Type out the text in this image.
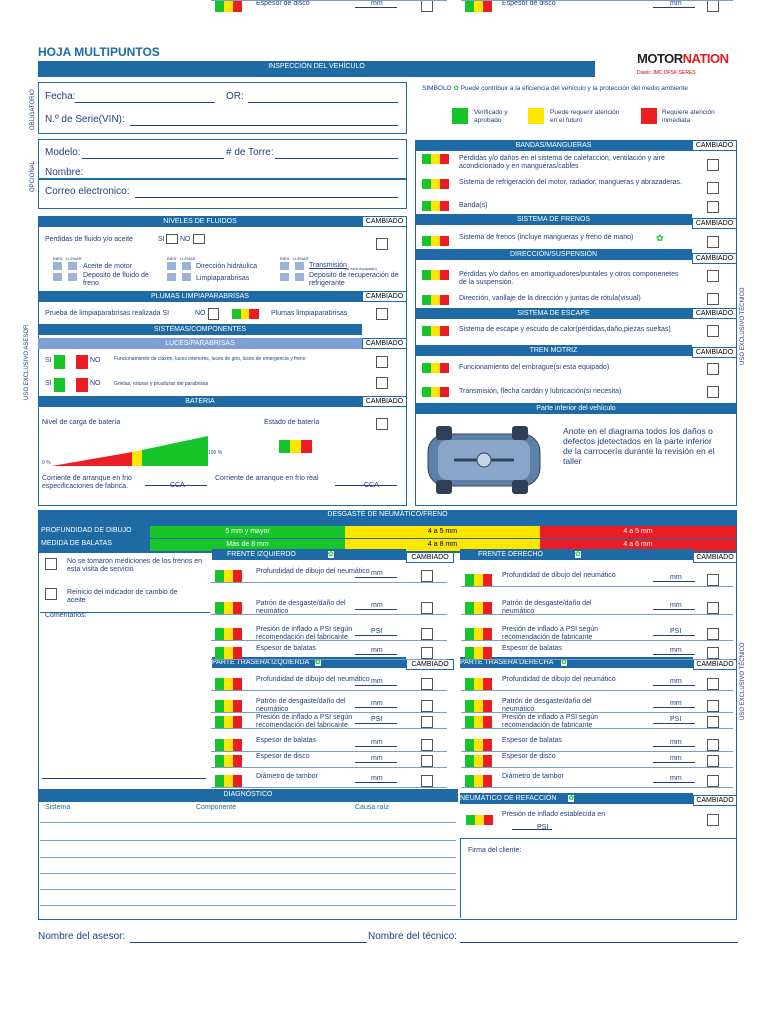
HOJA MULTIPUNTOS	MOTORNATION
Dianic JMC DFSK SERES
INSPECCIÓN DEL VEHÍCULO
OBLIGATORIO Fecha:	OR:
N.º de Serie(VIN):
OPCIONAL
Modelo:	# de Torre:
Nombre:
Correo electronico:
SIMBOLO ✿ Puede contribuir a la eficiencia del vehículo y la protección del medio ambiente
Verificado y aprobado
Puede requerir atención en el futuro
Requiere atención inmediata
NIVELES DE FLUIDOS	CAMBIADO
Perdidas de fluido y/o aceite	SI NO
BIEN LLENAR
Aceite de motor
Deposito de fluido de freno
BIEN LLENAR
Dirección hidráulica
Limpiaparabrisas
BIEN LLENAR
Transmisión
(si está equipado)
Deposito de recuperación de refrigerante
PLUMAS LIMPIAPARABRISAS	CAMBIADO
Prueba de limpiaparabrisas realizada SI	NO	Plumas limpiaparabrisas
SISTEMAS/COMPONENTES
LUCES/PARABRISAS	CAMBIADO
SI	NO	Funcionamiento de claxon, luces interiores, luces de giro, luces de emergencia y freno
SI	NO	Grietas, roturas y picaduras del parabrisas
BATERIA	CAMBIADO
Nivel de carga de batería	Estado de batería
0 %
100 %
Corriente de arranque en frio especificaciones de fabrica.	CCA
Corriente de arranque en frio real
CCA
USO EXCLUSIVO ASESOR
BANDAS/MANGUERAS	CAMBIADO
Pérdidas y/o daños en el sistema de calefacción, ventilación y aire acondicionado y en mangueras/cables
Sistema de refrigeración del motor, radiador, mangueras y abrazaderas.
Banda(s)
SISTEMA DE FRENOS
CAMBIADO
Sistema de frenos (incluye mangueras y freno de mano)	✿
DIRECCIÓN/SUSPENSIÓN
CAMBIADO
Pérdidas y/o daños en amortiguadores/puntales y otros componenetes de la suspensión.
Dirección, varillaje de la dirección y juntas de rótula(visual)
SISTEMA DE ESCAPE	CAMBIADO
Sistema de escape y escudo de calor(pérdidas,daño,piezas sueltas)
TREN MOTRIZ	CAMBIADO
Funcionamiento del embrague(si esta equipado)
Transmisión, flecha cardán y lubricación(si necesita)
Parte inferior del vehículo
Anote en el diagrama todos los daños o defectos jdetectados en la parte inferior de la carrocería durante la revisión en el taller
USO EXCLUSIVO TÉCNICO
DESGASTE DE NEUMÁTICO/FRENO
PROFUNDIDAD DE DIBUJO
MEDIDA DE BALATAS
5 mm y mayor	4 a 5 mm	4 a 5 mm
Más de 8 mm	4 a 8 mm	4 a 6 mm
No se tomaron mediciones de los frenos en esta visita de servicio
Reinicio del indicador de cambio de aceite
Comentarios:
FRENTE IZQUIERDO	✿	CAMBIADO	FRENTE DERECHO	✿	CAMBIADO
PARTE TRASERA IZQUIERDA ✿	CAMBIADO	PARTE TRASERA DERECHA ✿	CAMBIADO
Profundidad de dibujo del neumático mm
Patrón de desgaste/daño del neumático
mm
Presión de inflado a PSI según recomendación del fabricante
PSI
Espesor de balatas	mm
Espesor de disco	mm
Profundidad de dibujo del neumático	mm
Patrón de desgaste/daño del neumático
mm
Presión de inflado a PSI según recomendación de fabricante
PSI
Espesor de balatas	mm
Espesor de disco	mm
Profundidad de dibujo del neumático mm
Patrón de desgaste/daño del neumático
mm
Presión de inflado a PSI según recomendación del fabricante
PSI
Espesor de balatas	mm
Espesor de disco	mm
Diámetro de tambor	mm
Profundidad de dibujo del neumático	mm
Patrón de desgaste/daño del neumático
mm
Presión de inflado a PSI según recomendación de fabricante
PSI
Espesor de balatas	mm
Espesor de disco	mm
Diámetro de tambor	mm
NEUMÁTICO DE REFACCIÓN ✿	CAMBIADO
Presión de inflado establecida en
PSI
Firma del cliente:
USO EXCLUSIVO TÉCNICO
DIAGNÓSTICO
Sistema	Componente	Causa raíz
Nombre del asesor:	Nombre del técnico:
